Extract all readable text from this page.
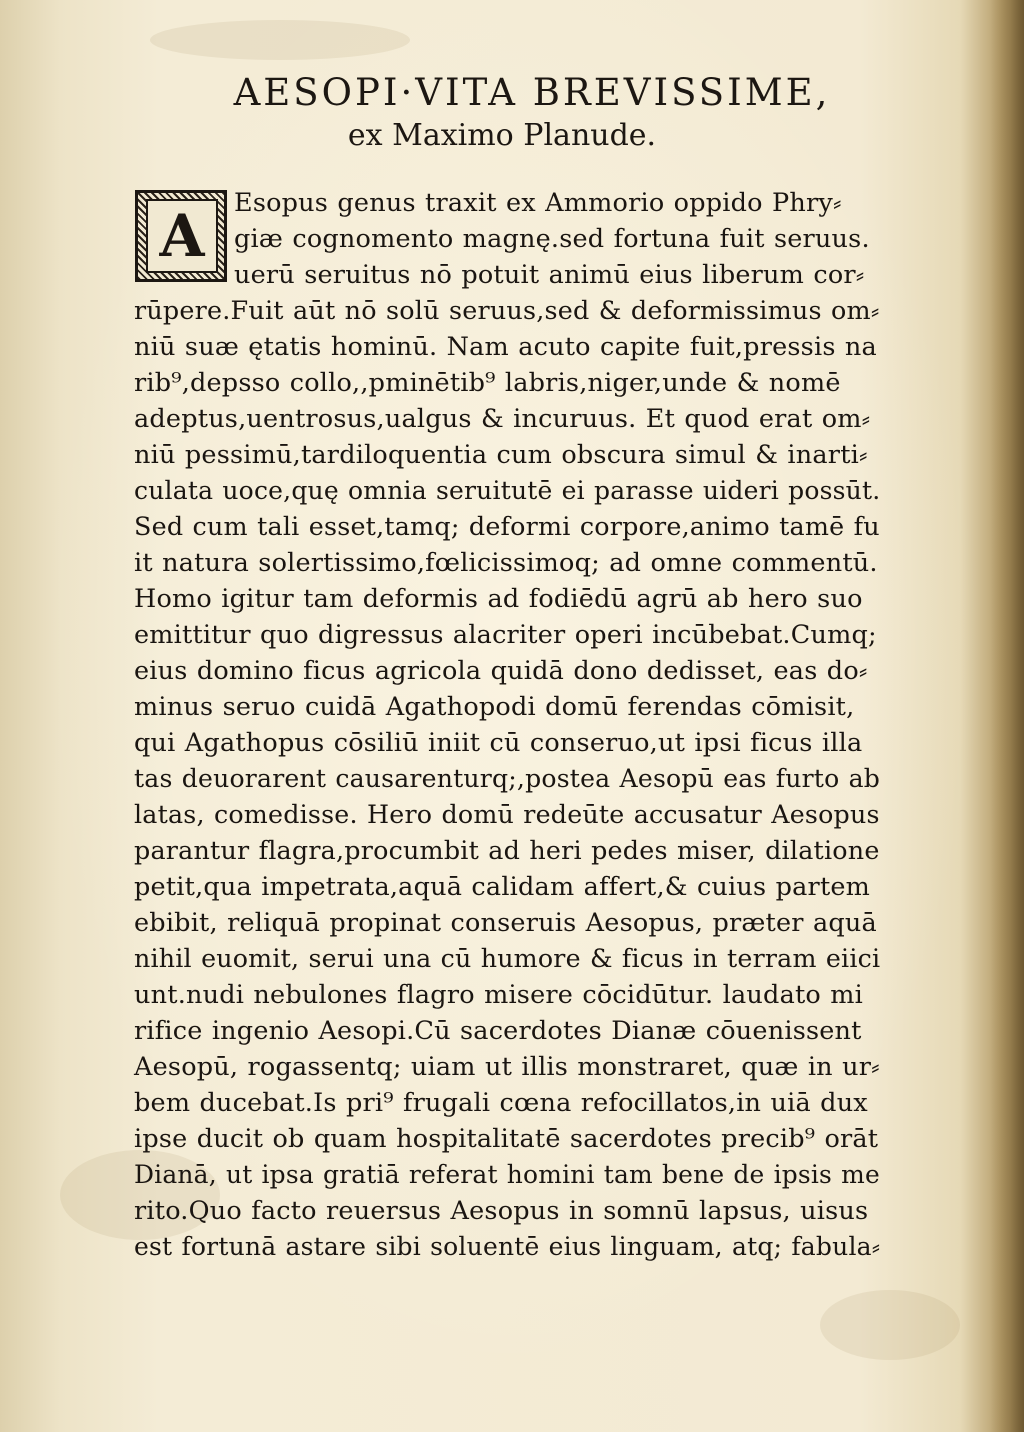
AESOPI·VITA BREVISSIME,
ex Maximo Planude.
A	Esopus genus traxit ex Ammorio oppido Phry⸗
giæ cognomento magnę.sed fortuna fuit seruus.
uerū seruitus nō potuit animū eius liberum cor⸗
rūpere.Fuit aūt nō solū seruus,sed & deformissimus om⸗
niū suæ ętatis hominū. Nam acuto capite fuit,pressis na
rib⁹,depsso collo,,pminētib⁹ labris,niger,unde & nomē
adeptus,uentrosus,ualgus & incuruus. Et quod erat om⸗
niū pessimū,tardiloquentia cum obscura simul & inarti⸗
culata uoce,quę omnia seruitutē ei parasse uideri possūt.
Sed cum tali esset,tamq; deformi corpore,animo tamē fu
it natura solertissimo,fœlicissimoq; ad omne commentū.
Homo igitur tam deformis ad fodiēdū agrū ab hero suo
emittitur quo digressus alacriter operi incūbebat.Cumq;
eius domino ficus agricola quidā dono dedisset, eas do⸗
minus seruo cuidā Agathopodi domū ferendas cōmisit,
qui Agathopus cōsiliū iniit cū conseruo,ut ipsi ficus illa
tas deuorarent causarenturq;,postea Aesopū eas furto ab
latas, comedisse. Hero domū redeūte accusatur Aesopus
parantur flagra,procumbit ad heri pedes miser, dilatione
petit,qua impetrata,aquā calidam affert,& cuius partem
ebibit, reliquā propinat conseruis Aesopus, præter aquā
nihil euomit, serui una cū humore & ficus in terram eiici
unt.nudi nebulones flagro misere cōcidūtur. laudato mi
rifice ingenio Aesopi.Cū sacerdotes Dianæ cōuenissent
Aesopū, rogassentq; uiam ut illis monstraret, quæ in ur⸗
bem ducebat.Is pri⁹ frugali cœna refocillatos,in uiā dux
ipse ducit ob quam hospitalitatē sacerdotes precib⁹ orāt
Dianā, ut ipsa gratiā referat homini tam bene de ipsis me
rito.Quo facto reuersus Aesopus in somnū lapsus, uisus
est fortunā astare sibi soluentē eius linguam, atq; fabula⸗
